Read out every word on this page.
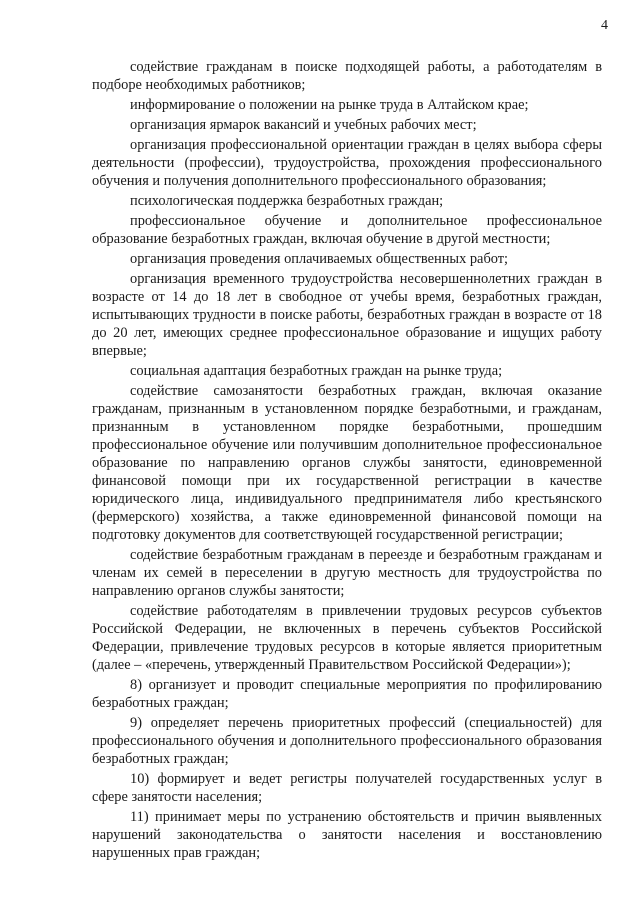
4

содействие гражданам в поиске подходящей работы, а работодателям в подборе необходимых работников;

информирование о положении на рынке труда в Алтайском крае;

организация ярмарок вакансий и учебных рабочих мест;

организация профессиональной ориентации граждан в целях выбора сферы деятельности (профессии), трудоустройства, прохождения профессионального обучения и получения дополнительного профессионального образования;

психологическая поддержка безработных граждан;

профессиональное обучение и дополнительное профессиональное образование безработных граждан, включая обучение в другой местности;

организация проведения оплачиваемых общественных работ;

организация временного трудоустройства несовершеннолетних граждан в возрасте от 14 до 18 лет в свободное от учебы время, безработных граждан, испытывающих трудности в поиске работы, безработных граждан в возрасте от 18 до 20 лет, имеющих среднее профессиональное образование и ищущих работу впервые;

социальная адаптация безработных граждан на рынке труда;

содействие самозанятости безработных граждан, включая оказание гражданам, признанным в установленном порядке безработными, и гражданам, признанным в установленном порядке безработными, прошедшим профессиональное обучение или получившим дополнительное профессиональное образование по направлению органов службы занятости, единовременной финансовой помощи при их государственной регистрации в качестве юридического лица, индивидуального предпринимателя либо крестьянского (фермерского) хозяйства, а также единовременной финансовой помощи на подготовку документов для соответствующей государственной регистрации;

содействие безработным гражданам в переезде и безработным гражданам и членам их семей в переселении в другую местность для трудоустройства по направлению органов службы занятости;

содействие работодателям в привлечении трудовых ресурсов субъектов Российской Федерации, не включенных в перечень субъектов Российской Федерации, привлечение трудовых ресурсов в которые является приоритетным (далее – «перечень, утвержденный Правительством Российской Федерации»);

8) организует и проводит специальные мероприятия по профилированию безработных граждан;

9) определяет перечень приоритетных профессий (специальностей) для профессионального обучения и дополнительного профессионального образования безработных граждан;

10) формирует и ведет регистры получателей государственных услуг в сфере занятости населения;

11) принимает меры по устранению обстоятельств и причин выявленных нарушений законодательства о занятости населения и восстановлению нарушенных прав граждан;
